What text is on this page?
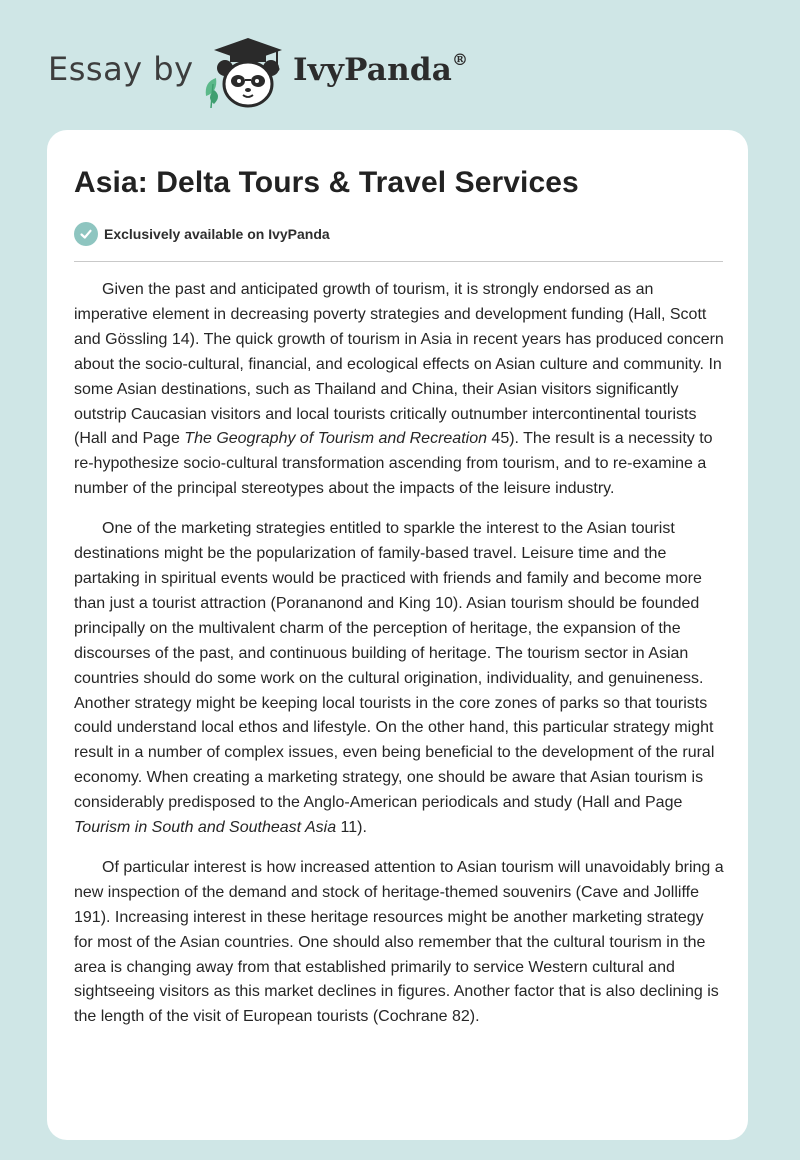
Essay by	IvyPanda®
Asia: Delta Tours & Travel Services
Exclusively available on IvyPanda

Given the past and anticipated growth of tourism, it is strongly endorsed as an imperative element in decreasing poverty strategies and development funding (Hall, Scott and Gössling 14). The quick growth of tourism in Asia in recent years has produced concern about the socio-cultural, financial, and ecological effects on Asian culture and community. In some Asian destinations, such as Thailand and China, their Asian visitors significantly outstrip Caucasian visitors and local tourists critically outnumber intercontinental tourists (Hall and Page The Geography of Tourism and Recreation 45). The result is a necessity to re-hypothesize socio-cultural transformation ascending from tourism, and to re-examine a number of the principal stereotypes about the impacts of the leisure industry.

One of the marketing strategies entitled to sparkle the interest to the Asian tourist destinations might be the popularization of family-based travel. Leisure time and the partaking in spiritual events would be practiced with friends and family and become more than just a tourist attraction (Porananond and King 10). Asian tourism should be founded principally on the multivalent charm of the perception of heritage, the expansion of the discourses of the past, and continuous building of heritage. The tourism sector in Asian countries should do some work on the cultural origination, individuality, and genuineness. Another strategy might be keeping local tourists in the core zones of parks so that tourists could understand local ethos and lifestyle. On the other hand, this particular strategy might result in a number of complex issues, even being beneficial to the development of the rural economy. When creating a marketing strategy, one should be aware that Asian tourism is considerably predisposed to the Anglo-American periodicals and study (Hall and Page Tourism in South and Southeast Asia 11).

Of particular interest is how increased attention to Asian tourism will unavoidably bring a new inspection of the demand and stock of heritage-themed souvenirs (Cave and Jolliffe 191). Increasing interest in these heritage resources might be another marketing strategy for most of the Asian countries. One should also remember that the cultural tourism in the area is changing away from that established primarily to service Western cultural and sightseeing visitors as this market declines in figures. Another factor that is also declining is the length of the visit of European tourists (Cochrane 82).
